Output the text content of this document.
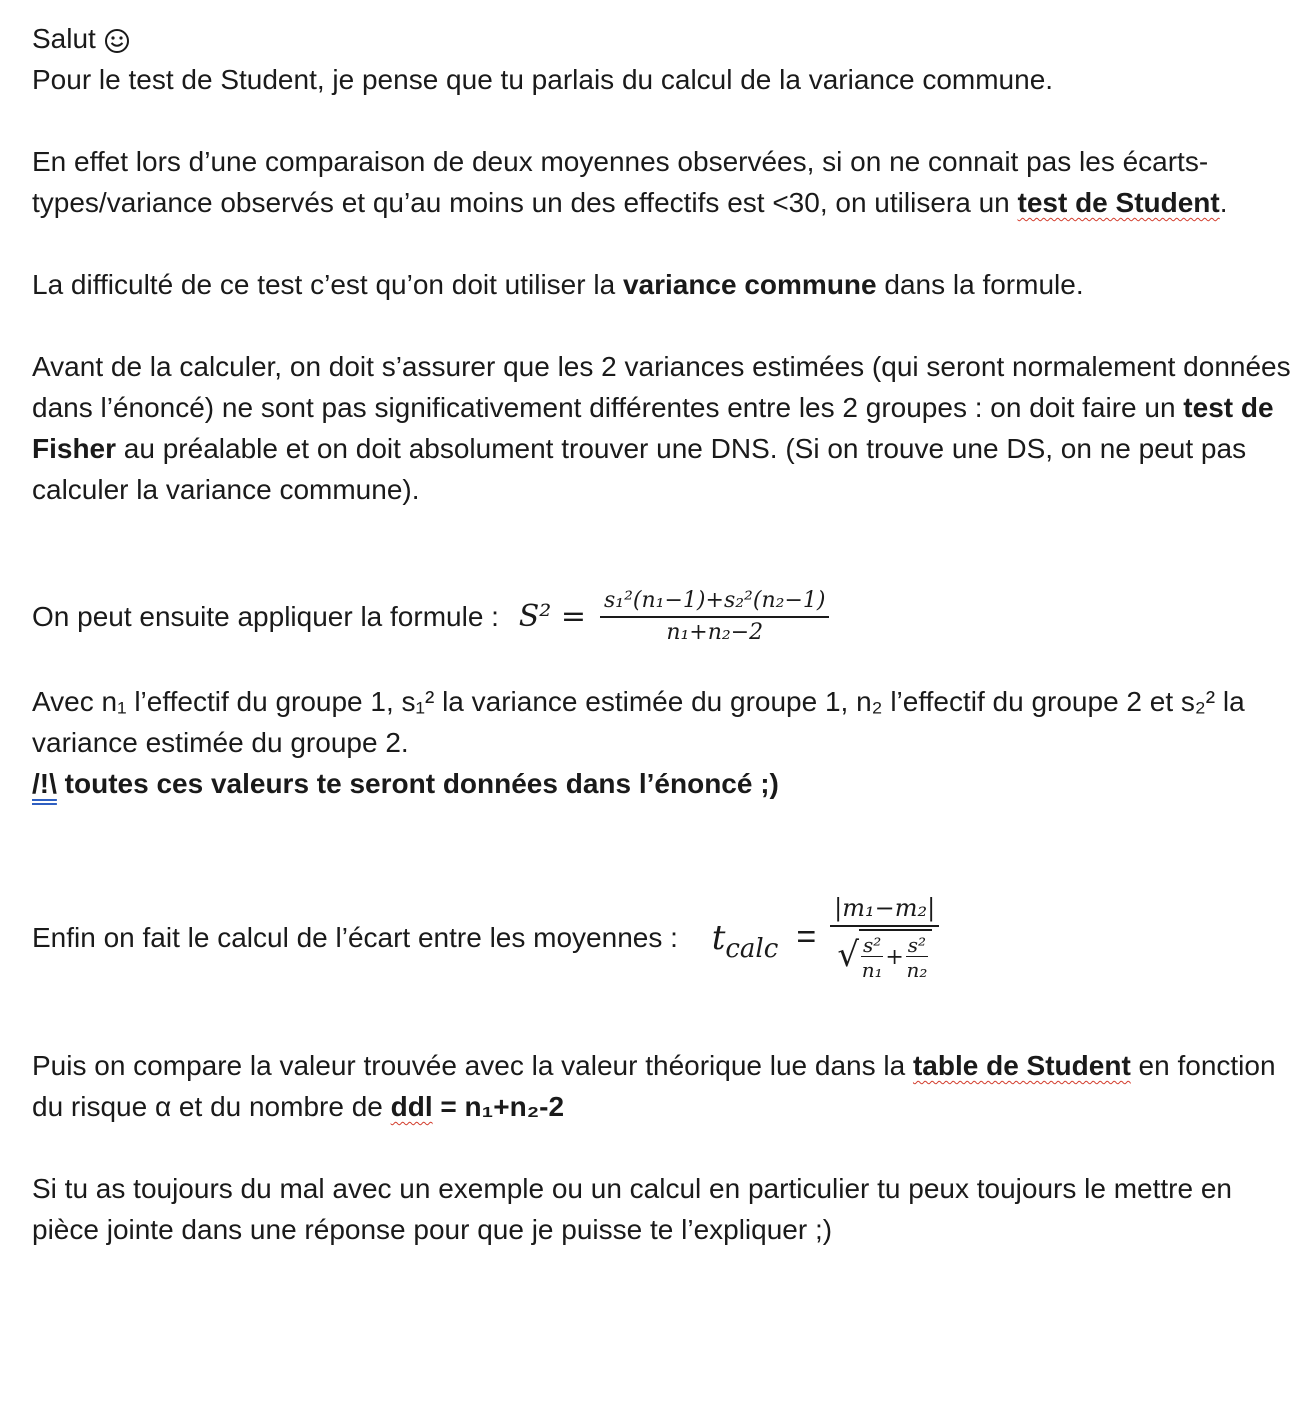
Salut

Pour le test de Student, je pense que tu parlais du calcul de la variance commune.

En effet lors d’une comparaison de deux moyennes observées, si on ne connait pas les écarts-types/variance observés et qu’au moins un des effectifs est <30, on utilisera un test de Student.

La difficulté de ce test c’est qu’on doit utiliser la variance commune dans la formule.

Avant de la calculer, on doit s’assurer que les 2 variances estimées (qui seront normalement données dans l’énoncé) ne sont pas significativement différentes entre les 2 groupes : on doit faire un test de Fisher au préalable et on doit absolument trouver une DNS. (Si on trouve une DS, on ne peut pas calculer la variance commune).

On peut ensuite appliquer la formule : $S^2 = \frac{\text{s₁²(n₁−1)+s₂²(n₂−1)}}{\text{n₁+n₂−2}}$

Avec n₁ l’effectif du groupe 1, s₁² la variance estimée du groupe 1, n₂ l’effectif du groupe 2 et s₂² la variance estimée du groupe 2.

/!\ toutes ces valeurs te seront données dans l’énoncé ;)

Enfin on fait le calcul de l’écart entre les moyennes : $t_{calc}$ =
|m₁−m₂|
√ $\frac{\text{s²}}{\text{n₁}} + \frac{\text{s²}}{\text{n₂}}$

Puis on compare la valeur trouvée avec la valeur théorique lue dans la table de Student en fonction du risque α et du nombre de ddl = n₁+n₂-2

Si tu as toujours du mal avec un exemple ou un calcul en particulier tu peux toujours le mettre en pièce jointe dans une réponse pour que je puisse te l’expliquer ;)
